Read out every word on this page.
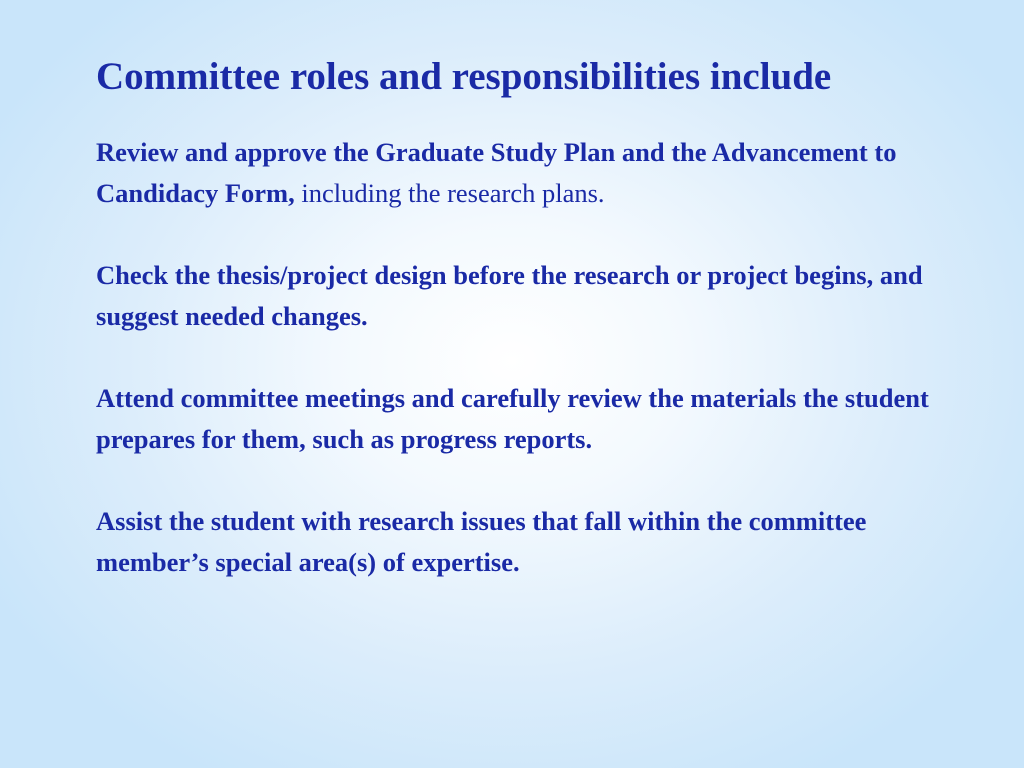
Committee roles and responsibilities include

Review and approve the Graduate Study Plan and the Advancement to Candidacy Form, including the research plans.

Check the thesis/project design before the research or project begins, and suggest needed changes.

Attend committee meetings and carefully review the materials the student prepares for them, such as progress reports.

Assist the student with research issues that fall within the committee member’s special area(s) of expertise.
